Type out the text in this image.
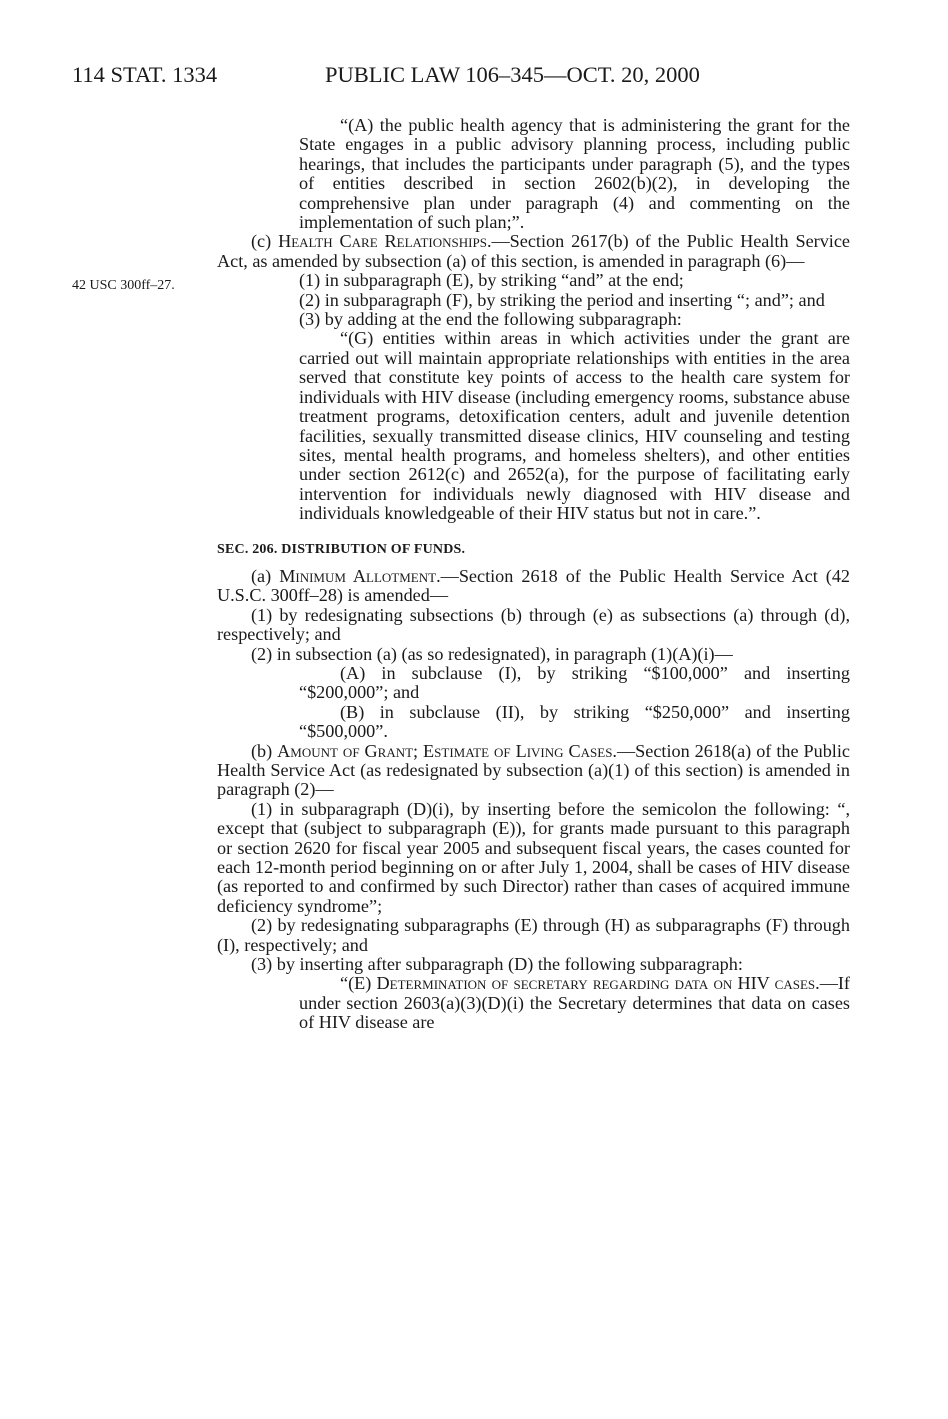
114 STAT. 1334	PUBLIC LAW 106–345—OCT. 20, 2000
42 USC 300ff–27.

“(A) the public health agency that is administering the grant for the State engages in a public advisory planning process, including public hearings, that includes the participants under paragraph (5), and the types of entities described in section 2602(b)(2), in developing the comprehensive plan under paragraph (4) and commenting on the implementation of such plan;”.

(c) Health Care Relationships.—Section 2617(b) of the Public Health Service Act, as amended by subsection (a) of this section, is amended in paragraph (6)—

(1) in subparagraph (E), by striking “and” at the end;

(2) in subparagraph (F), by striking the period and inserting “; and”; and

(3) by adding at the end the following subparagraph:

“(G) entities within areas in which activities under the grant are carried out will maintain appropriate relationships with entities in the area served that constitute key points of access to the health care system for individuals with HIV disease (including emergency rooms, substance abuse treatment programs, detoxification centers, adult and juvenile detention facilities, sexually transmitted disease clinics, HIV counseling and testing sites, mental health programs, and homeless shelters), and other entities under section 2612(c) and 2652(a), for the purpose of facilitating early intervention for individuals newly diagnosed with HIV disease and individuals knowledgeable of their HIV status but not in care.”.

SEC. 206. DISTRIBUTION OF FUNDS.

(a) Minimum Allotment.—Section 2618 of the Public Health Service Act (42 U.S.C. 300ff–28) is amended—

(1) by redesignating subsections (b) through (e) as subsections (a) through (d), respectively; and

(2) in subsection (a) (as so redesignated), in paragraph (1)(A)(i)—

(A) in subclause (I), by striking “$100,000” and inserting “$200,000”; and

(B) in subclause (II), by striking “$250,000” and inserting “$500,000”.

(b) Amount of Grant; Estimate of Living Cases.—Section 2618(a) of the Public Health Service Act (as redesignated by subsection (a)(1) of this section) is amended in paragraph (2)—

(1) in subparagraph (D)(i), by inserting before the semicolon the following: “, except that (subject to subparagraph (E)), for grants made pursuant to this paragraph or section 2620 for fiscal year 2005 and subsequent fiscal years, the cases counted for each 12-month period beginning on or after July 1, 2004, shall be cases of HIV disease (as reported to and confirmed by such Director) rather than cases of acquired immune deficiency syndrome”;

(2) by redesignating subparagraphs (E) through (H) as subparagraphs (F) through (I), respectively; and

(3) by inserting after subparagraph (D) the following subparagraph:

“(E) Determination of secretary regarding data on HIV cases.—If under section 2603(a)(3)(D)(i) the Secretary determines that data on cases of HIV disease are
